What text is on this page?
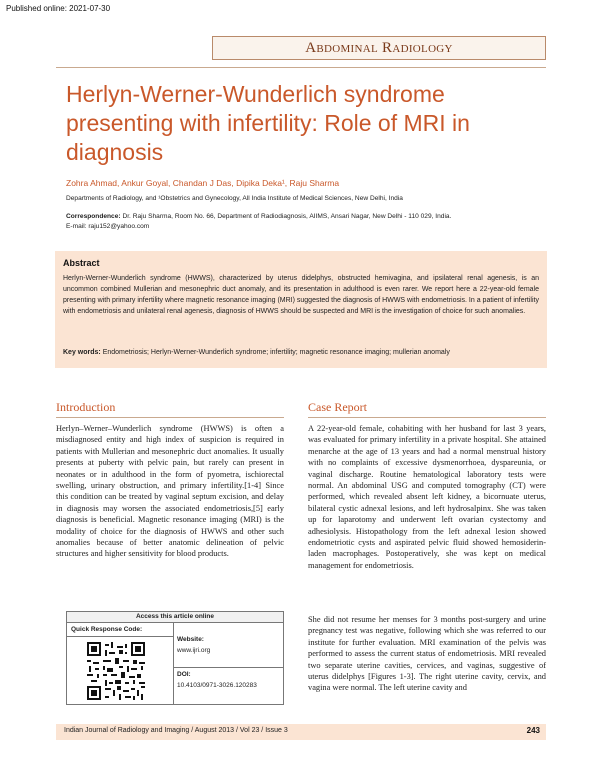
Published online: 2021-07-30
Abdominal Radiology
Herlyn-Werner-Wunderlich syndrome presenting with infertility: Role of MRI in diagnosis
Zohra Ahmad, Ankur Goyal, Chandan J Das, Dipika Deka¹, Raju Sharma
Departments of Radiology, and ¹Obstetrics and Gynecology, All India Institute of Medical Sciences, New Delhi, India
Correspondence: Dr. Raju Sharma, Room No. 66, Department of Radiodiagnosis, AIIMS, Ansari Nagar, New Delhi - 110 029, India.
E-mail: raju152@yahoo.com
Abstract
Herlyn-Werner-Wunderlich syndrome (HWWS), characterized by uterus didelphys, obstructed hemivagina, and ipsilateral renal agenesis, is an uncommon combined Mullerian and mesonephric duct anomaly, and its presentation in adulthood is even rarer. We report here a 22-year-old female presenting with primary infertility where magnetic resonance imaging (MRI) suggested the diagnosis of HWWS with endometriosis. In a patient of infertility with endometriosis and unilateral renal agenesis, diagnosis of HWWS should be suspected and MRI is the investigation of choice for such anomalies.
Key words: Endometriosis; Herlyn-Werner-Wunderlich syndrome; infertility; magnetic resonance imaging; mullerian anomaly
Introduction
Herlyn–Werner–Wunderlich syndrome (HWWS) is often a misdiagnosed entity and high index of suspicion is required in patients with Mullerian and mesonephric duct anomalies. It usually presents at puberty with pelvic pain, but rarely can present in neonates or in adulthood in the form of pyometra, ischiorectal swelling, urinary obstruction, and primary infertility.[1-4] Since this condition can be treated by vaginal septum excision, and delay in diagnosis may worsen the associated endometriosis,[5] early diagnosis is beneficial. Magnetic resonance imaging (MRI) is the modality of choice for the diagnosis of HWWS and other such anomalies because of better anatomic delineation of pelvic structures and higher sensitivity for blood products.
Case Report
A 22-year-old female, cohabiting with her husband for last 3 years, was evaluated for primary infertility in a private hospital. She attained menarche at the age of 13 years and had a normal menstrual history with no complaints of excessive dysmenorrhoea, dyspareunia, or vaginal discharge. Routine hematological laboratory tests were normal. An abdominal USG and computed tomography (CT) were performed, which revealed absent left kidney, a bicornuate uterus, bilateral cystic adnexal lesions, and left hydrosalpinx. She was taken up for laparotomy and underwent left ovarian cystectomy and adhesiolysis. Histopathology from the left adnexal lesion showed endometriotic cysts and aspirated pelvic fluid showed hemosiderin-laden macrophages. Postoperatively, she was kept on medical management for endometriosis.
She did not resume her menses for 3 months post-surgery and urine pregnancy test was negative, following which she was referred to our institute for further evaluation. MRI examination of the pelvis was performed to assess the current status of endometriosis. MRI revealed two separate uterine cavities, cervices, and vaginas, suggestive of uterus didelphys [Figures 1-3]. The right uterine cavity, cervix, and vagina were normal. The left uterine cavity and
Access this article online
Quick Response Code:
Website:
www.ijri.org
DOI:
10.4103/0971-3026.120283
Indian Journal of Radiology and Imaging / August 2013 / Vol 23 / Issue 3	243
